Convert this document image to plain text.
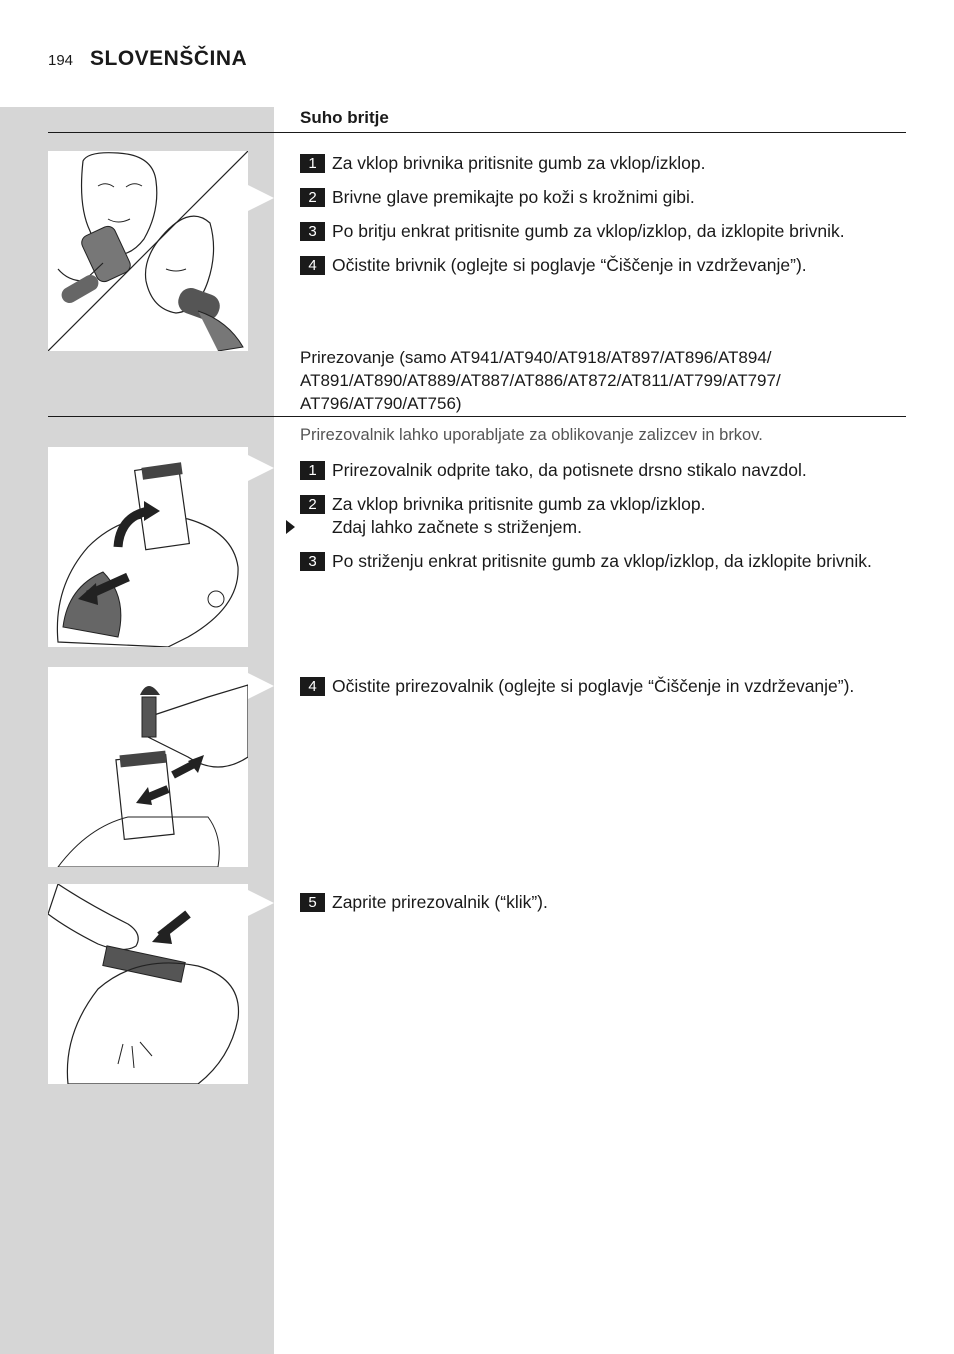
194 SLOVENŠČINA
Suho britje
1 Za vklop brivnika pritisnite gumb za vklop/izklop.
2 Brivne glave premikajte po koži s krožnimi gibi.
3 Po britju enkrat pritisnite gumb za vklop/izklop, da izklopite brivnik.
4 Očistite brivnik (oglejte si poglavje “Čiščenje in vzdrževanje”).
Prirezovanje (samo AT941/AT940/AT918/AT897/AT896/AT894/
AT891/AT890/AT889/AT887/AT886/AT872/AT811/AT799/AT797/
AT796/AT790/AT756)
Prirezovalnik lahko uporabljate za oblikovanje zalizcev in brkov.
1 Prirezovalnik odprite tako, da potisnete drsno stikalo navzdol.
2 Za vklop brivnika pritisnite gumb za vklop/izklop.
Zdaj lahko začnete s striženjem.
3 Po striženju enkrat pritisnite gumb za vklop/izklop, da izklopite brivnik.
4 Očistite prirezovalnik (oglejte si poglavje “Čiščenje in vzdrževanje”).
5 Zaprite prirezovalnik (“klik”).
